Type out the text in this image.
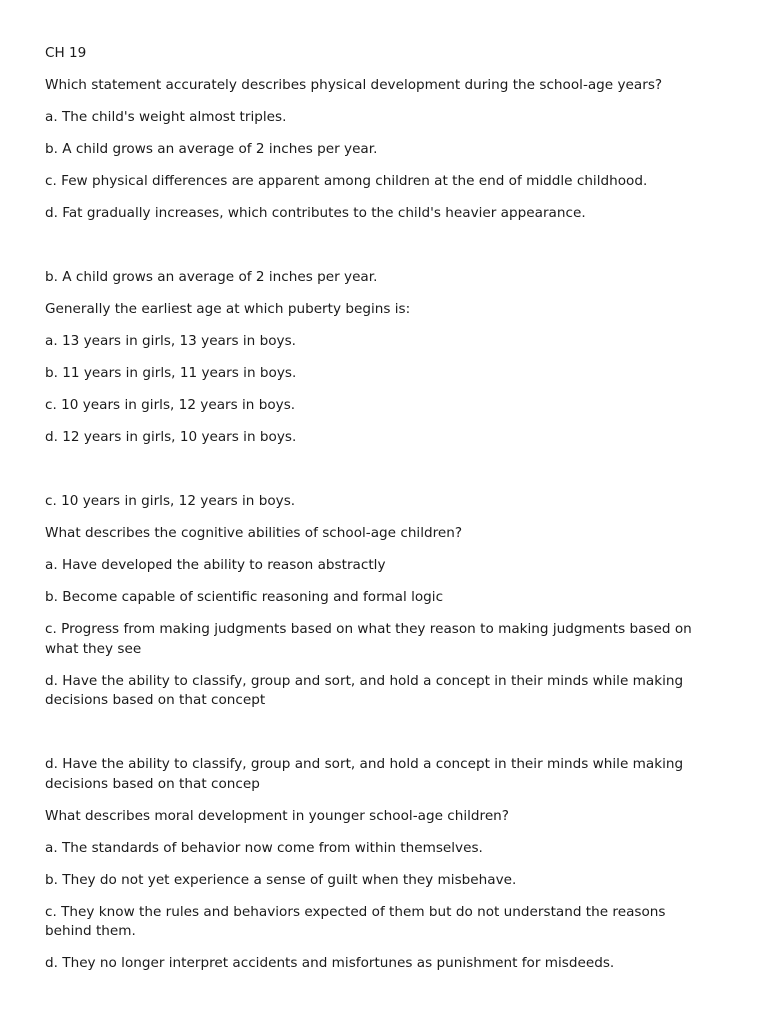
CH 19

Which statement accurately describes physical development during the school-age years?

a. The child's weight almost triples.

b. A child grows an average of 2 inches per year.

c. Few physical differences are apparent among children at the end of middle childhood.

d. Fat gradually increases, which contributes to the child's heavier appearance.

b. A child grows an average of 2 inches per year.

Generally the earliest age at which puberty begins is:

a. 13 years in girls, 13 years in boys.

b. 11 years in girls, 11 years in boys.

c. 10 years in girls, 12 years in boys.

d. 12 years in girls, 10 years in boys.

c. 10 years in girls, 12 years in boys.

What describes the cognitive abilities of school-age children?

a. Have developed the ability to reason abstractly

b. Become capable of scientific reasoning and formal logic

c. Progress from making judgments based on what they reason to making judgments based on what they see

d. Have the ability to classify, group and sort, and hold a concept in their minds while making decisions based on that concept

d. Have the ability to classify, group and sort, and hold a concept in their minds while making decisions based on that concep

What describes moral development in younger school-age children?

a. The standards of behavior now come from within themselves.

b. They do not yet experience a sense of guilt when they misbehave.

c. They know the rules and behaviors expected of them but do not understand the reasons behind them.

d. They no longer interpret accidents and misfortunes as punishment for misdeeds.
